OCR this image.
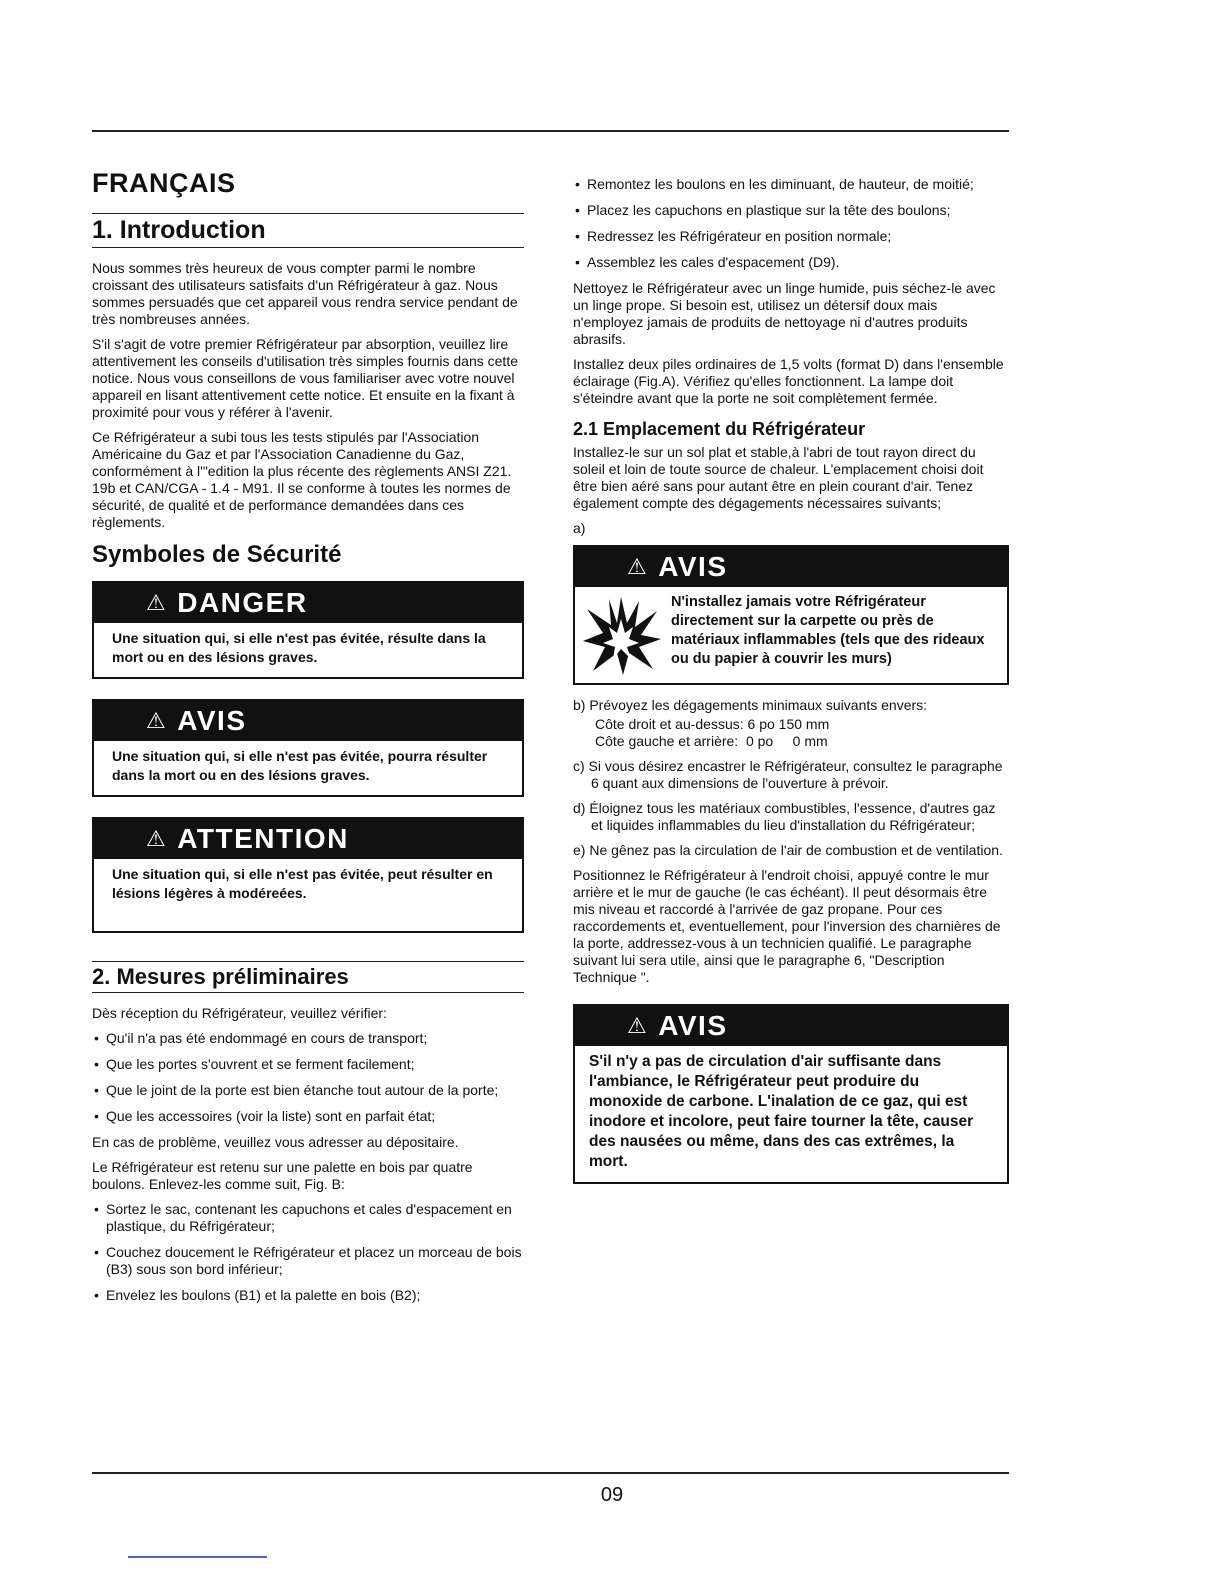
FRANÇAIS
1. Introduction

Nous sommes très heureux de vous compter parmi le nombre croissant des utilisateurs satisfaits d'un Réfrigérateur à gaz. Nous sommes persuadés que cet appareil vous rendra service pendant de très nombreuses années.

S'il s'agit de votre premier Réfrigérateur par absorption, veuillez lire attentivement les conseils d'utilisation très simples fournis dans cette notice. Nous vous conseillons de vous familiariser avec votre nouvel appareil en lisant attentivement cette notice. Et ensuite en la fixant à proximité pour vous y référer à l'avenir.

Ce Réfrigérateur a subi tous les tests stipulés par l'Association Américaine du Gaz et par l'Association Canadienne du Gaz, conformément à l'"edition la plus récente des règlements ANSI Z21. 19b et CAN/CGA - 1.4 - M91. Il se conforme à toutes les normes de sécurité, de qualité et de performance demandées dans ces règlements.

Symboles de Sécurité
⚠ DANGER
Une situation qui, si elle n'est pas évitée, résulte dans la mort ou en des lésions graves.
⚠ AVIS
Une situation qui, si elle n'est pas évitée, pourra résulter dans la mort ou en des lésions graves.
⚠ ATTENTION
Une situation qui, si elle n'est pas évitée, peut résulter en lésions légères à modéreées.
2. Mesures préliminaires

Dès réception du Réfrigérateur, veuillez vérifier:

• Qu'il n'a pas été endommagé en cours de transport;
• Que les portes s'ouvrent et se ferment facilement;
• Que le joint de la porte est bien étanche tout autour de la porte;
• Que les accessoires (voir la liste) sont en parfait état;

En cas de problème, veuillez vous adresser au dépositaire.

Le Réfrigérateur est retenu sur une palette en bois par quatre boulons. Enlevez-les comme suit, Fig. B:

• Sortez le sac, contenant les capuchons et cales d'espacement en plastique, du Réfrigérateur;
• Couchez doucement le Réfrigérateur et placez un morceau de bois (B3) sous son bord inférieur;
• Envelez les boulons (B1) et la palette en bois (B2);
• Remontez les boulons en les diminuant, de hauteur, de moitié;
• Placez les capuchons en plastique sur la tête des boulons;
• Redressez les Réfrigérateur en position normale;
• Assemblez les cales d'espacement (D9).

Nettoyez le Réfrigérateur avec un linge humide, puis séchez-le avec un linge prope. Si besoin est, utilisez un détersif doux mais n'employez jamais de produits de nettoyage ni d'autres produits abrasifs.

Installez deux piles ordinaires de 1,5 volts (format D) dans l'ensemble éclairage (Fig.A). Vérifiez qu'elles fonctionnent. La lampe doit s'éteindre avant que la porte ne soit complètement fermée.

2.1 Emplacement du Réfrigérateur

Installez-le sur un sol plat et stable,à l'abri de tout rayon direct du soleil et loin de toute source de chaleur. L'emplacement choisi doit être bien aéré sans pour autant être en plein courant d'air. Tenez également compte des dégagements nécessaires suivants;

a)

⚠ AVIS
N'installez jamais votre Réfrigérateur directement sur la carpette ou près de matériaux inflammables (tels que des rideaux ou du papier à couvrir les murs)

b) Prévoyez les dégagements minimaux suivants envers:

Côte droit et au-dessus: 6 po 150 mm

Côte gauche et arrière:  0 po     0 mm

c) Si vous désirez encastrer le Réfrigérateur, consultez le paragraphe 6 quant aux dimensions de l'ouverture à prévoir.

d) Éloignez tous les matériaux combustibles, l'essence, d'autres gaz et liquides inflammables du lieu d'installation du Réfrigérateur;

e) Ne gênez pas la circulation de l'air de combustion et de ventilation.

Positionnez le Réfrigérateur à l'endroit choisi, appuyé contre le mur arrière et le mur de gauche (le cas échéant). Il peut désormais être mis niveau et raccordé à l'arrivée de gaz propane. Pour ces raccordements et, eventuellement, pour l'inversion des charnières de la porte, addressez-vous à un technicien qualifié. Le paragraphe suivant lui sera utile, ainsi que le paragraphe 6, "Description Technique ".

⚠ AVIS
S'il n'y a pas de circulation d'air suffisante dans l'ambiance, le Réfrigérateur peut produire du monoxide de carbone. L'inalation de ce gaz, qui est inodore et incolore, peut faire tourner la tête, causer des nausées ou même, dans des cas extrêmes, la mort.
09
